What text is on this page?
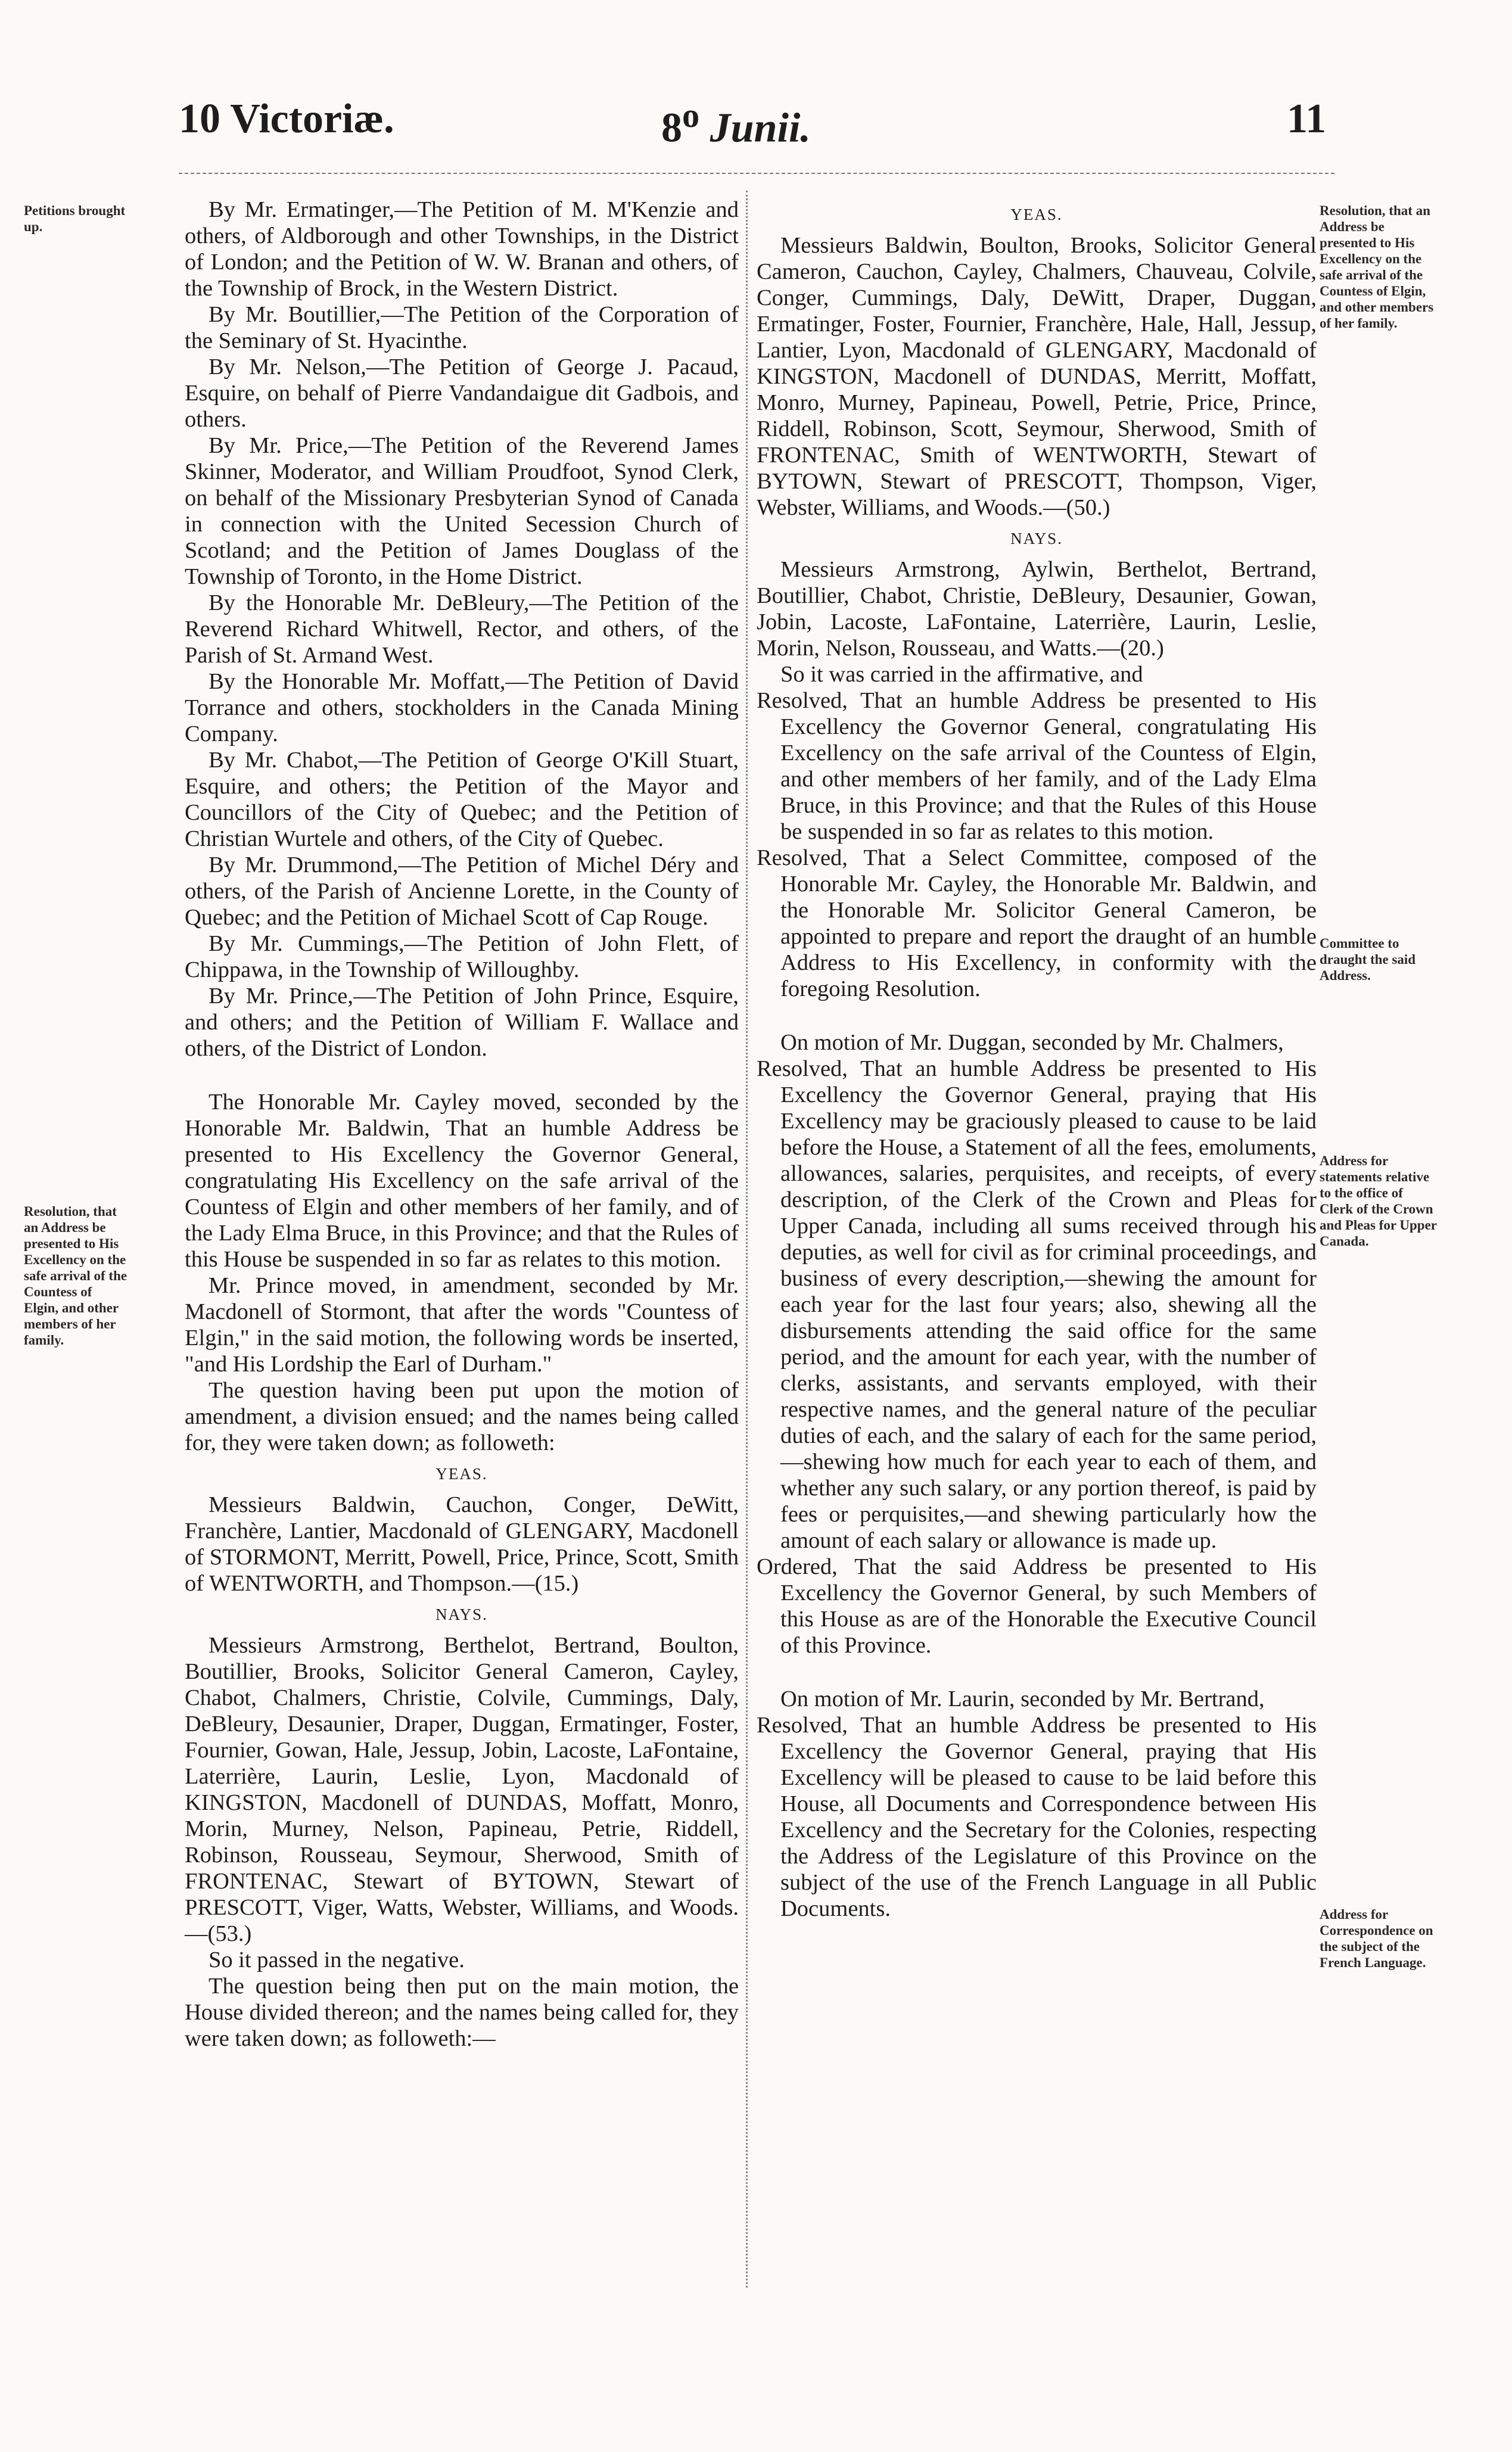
10 Victoriæ.	8$^o$ Junii.	11
Petitions brought up.
Resolution, that an Address be presented to His Excellency on the safe arrival of the Countess of Elgin, and other members of her family.
Resolution, that an Address be presented to His Excellency on the safe arrival of the Countess of Elgin, and other members of her family.
Committee to draught the said Address.
Address for statements relative to the office of Clerk of the Crown and Pleas for Upper Canada.
Address for Correspondence on the subject of the French Language.

By Mr. Ermatinger,—The Petition of M. M'Kenzie and others, of Aldborough and other Townships, in the District of London; and the Petition of W. W. Branan and others, of the Township of Brock, in the Western District.

By Mr. Boutillier,—The Petition of the Corporation of the Seminary of St. Hyacinthe.

By Mr. Nelson,—The Petition of George J. Pacaud, Esquire, on behalf of Pierre Vandandaigue dit Gadbois, and others.

By Mr. Price,—The Petition of the Reverend James Skinner, Moderator, and William Proudfoot, Synod Clerk, on behalf of the Missionary Presbyterian Synod of Canada in connection with the United Secession Church of Scotland; and the Petition of James Douglass of the Township of Toronto, in the Home District.

By the Honorable Mr. DeBleury,—The Petition of the Reverend Richard Whitwell, Rector, and others, of the Parish of St. Armand West.

By the Honorable Mr. Moffatt,—The Petition of David Torrance and others, stockholders in the Canada Mining Company.

By Mr. Chabot,—The Petition of George O'Kill Stuart, Esquire, and others; the Petition of the Mayor and Councillors of the City of Quebec; and the Petition of Christian Wurtele and others, of the City of Quebec.

By Mr. Drummond,—The Petition of Michel Déry and others, of the Parish of Ancienne Lorette, in the County of Quebec; and the Petition of Michael Scott of Cap Rouge.

By Mr. Cummings,—The Petition of John Flett, of Chippawa, in the Township of Willoughby.

By Mr. Prince,—The Petition of John Prince, Esquire, and others; and the Petition of William F. Wallace and others, of the District of London.

The Honorable Mr. Cayley moved, seconded by the Honorable Mr. Baldwin, That an humble Address be presented to His Excellency the Governor General, congratulating His Excellency on the safe arrival of the Countess of Elgin and other members of her family, and of the Lady Elma Bruce, in this Province; and that the Rules of this House be suspended in so far as relates to this motion.

Mr. Prince moved, in amendment, seconded by Mr. Macdonell of Stormont, that after the words "Countess of Elgin," in the said motion, the following words be inserted, "and His Lordship the Earl of Durham."

The question having been put upon the motion of amendment, a division ensued; and the names being called for, they were taken down; as followeth:

YEAS.

Messieurs Baldwin, Cauchon, Conger, DeWitt, Franchère, Lantier, Macdonald of GLENGARY, Macdonell of STORMONT, Merritt, Powell, Price, Prince, Scott, Smith of WENTWORTH, and Thompson.—(15.)

NAYS.

Messieurs Armstrong, Berthelot, Bertrand, Boulton, Boutillier, Brooks, Solicitor General Cameron, Cayley, Chabot, Chalmers, Christie, Colvile, Cummings, Daly, DeBleury, Desaunier, Draper, Duggan, Ermatinger, Foster, Fournier, Gowan, Hale, Jessup, Jobin, Lacoste, LaFontaine, Laterrière, Laurin, Leslie, Lyon, Macdonald of KINGSTON, Macdonell of DUNDAS, Moffatt, Monro, Morin, Murney, Nelson, Papineau, Petrie, Riddell, Robinson, Rousseau, Seymour, Sherwood, Smith of FRONTENAC, Stewart of BYTOWN, Stewart of PRESCOTT, Viger, Watts, Webster, Williams, and Woods.—(53.)

So it passed in the negative.

The question being then put on the main motion, the House divided thereon; and the names being called for, they were taken down; as followeth:—

YEAS.

Messieurs Baldwin, Boulton, Brooks, Solicitor General Cameron, Cauchon, Cayley, Chalmers, Chauveau, Colvile, Conger, Cummings, Daly, DeWitt, Draper, Duggan, Ermatinger, Foster, Fournier, Franchère, Hale, Hall, Jessup, Lantier, Lyon, Macdonald of GLENGARY, Macdonald of KINGSTON, Macdonell of DUNDAS, Merritt, Moffatt, Monro, Murney, Papineau, Powell, Petrie, Price, Prince, Riddell, Robinson, Scott, Seymour, Sherwood, Smith of FRONTENAC, Smith of WENTWORTH, Stewart of BYTOWN, Stewart of PRESCOTT, Thompson, Viger, Webster, Williams, and Woods.—(50.)

NAYS.

Messieurs Armstrong, Aylwin, Berthelot, Bertrand, Boutillier, Chabot, Christie, DeBleury, Desaunier, Gowan, Jobin, Lacoste, LaFontaine, Laterrière, Laurin, Leslie, Morin, Nelson, Rousseau, and Watts.—(20.)

So it was carried in the affirmative, and

Resolved, That an humble Address be presented to His Excellency the Governor General, congratulating His Excellency on the safe arrival of the Countess of Elgin, and other members of her family, and of the Lady Elma Bruce, in this Province; and that the Rules of this House be suspended in so far as relates to this motion.

Resolved, That a Select Committee, composed of the Honorable Mr. Cayley, the Honorable Mr. Baldwin, and the Honorable Mr. Solicitor General Cameron, be appointed to prepare and report the draught of an humble Address to His Excellency, in conformity with the foregoing Resolution.

On motion of Mr. Duggan, seconded by Mr. Chalmers,

Resolved, That an humble Address be presented to His Excellency the Governor General, praying that His Excellency may be graciously pleased to cause to be laid before the House, a Statement of all the fees, emoluments, allowances, salaries, perquisites, and receipts, of every description, of the Clerk of the Crown and Pleas for Upper Canada, including all sums received through his deputies, as well for civil as for criminal proceedings, and business of every description,—shewing the amount for each year for the last four years; also, shewing all the disbursements attending the said office for the same period, and the amount for each year, with the number of clerks, assistants, and servants employed, with their respective names, and the general nature of the peculiar duties of each, and the salary of each for the same period,—shewing how much for each year to each of them, and whether any such salary, or any portion thereof, is paid by fees or perquisites,—and shewing particularly how the amount of each salary or allowance is made up.

Ordered, That the said Address be presented to His Excellency the Governor General, by such Members of this House as are of the Honorable the Executive Council of this Province.

On motion of Mr. Laurin, seconded by Mr. Bertrand,

Resolved, That an humble Address be presented to His Excellency the Governor General, praying that His Excellency will be pleased to cause to be laid before this House, all Documents and Correspondence between His Excellency and the Secretary for the Colonies, respecting the Address of the Legislature of this Province on the subject of the use of the French Language in all Public Documents.
